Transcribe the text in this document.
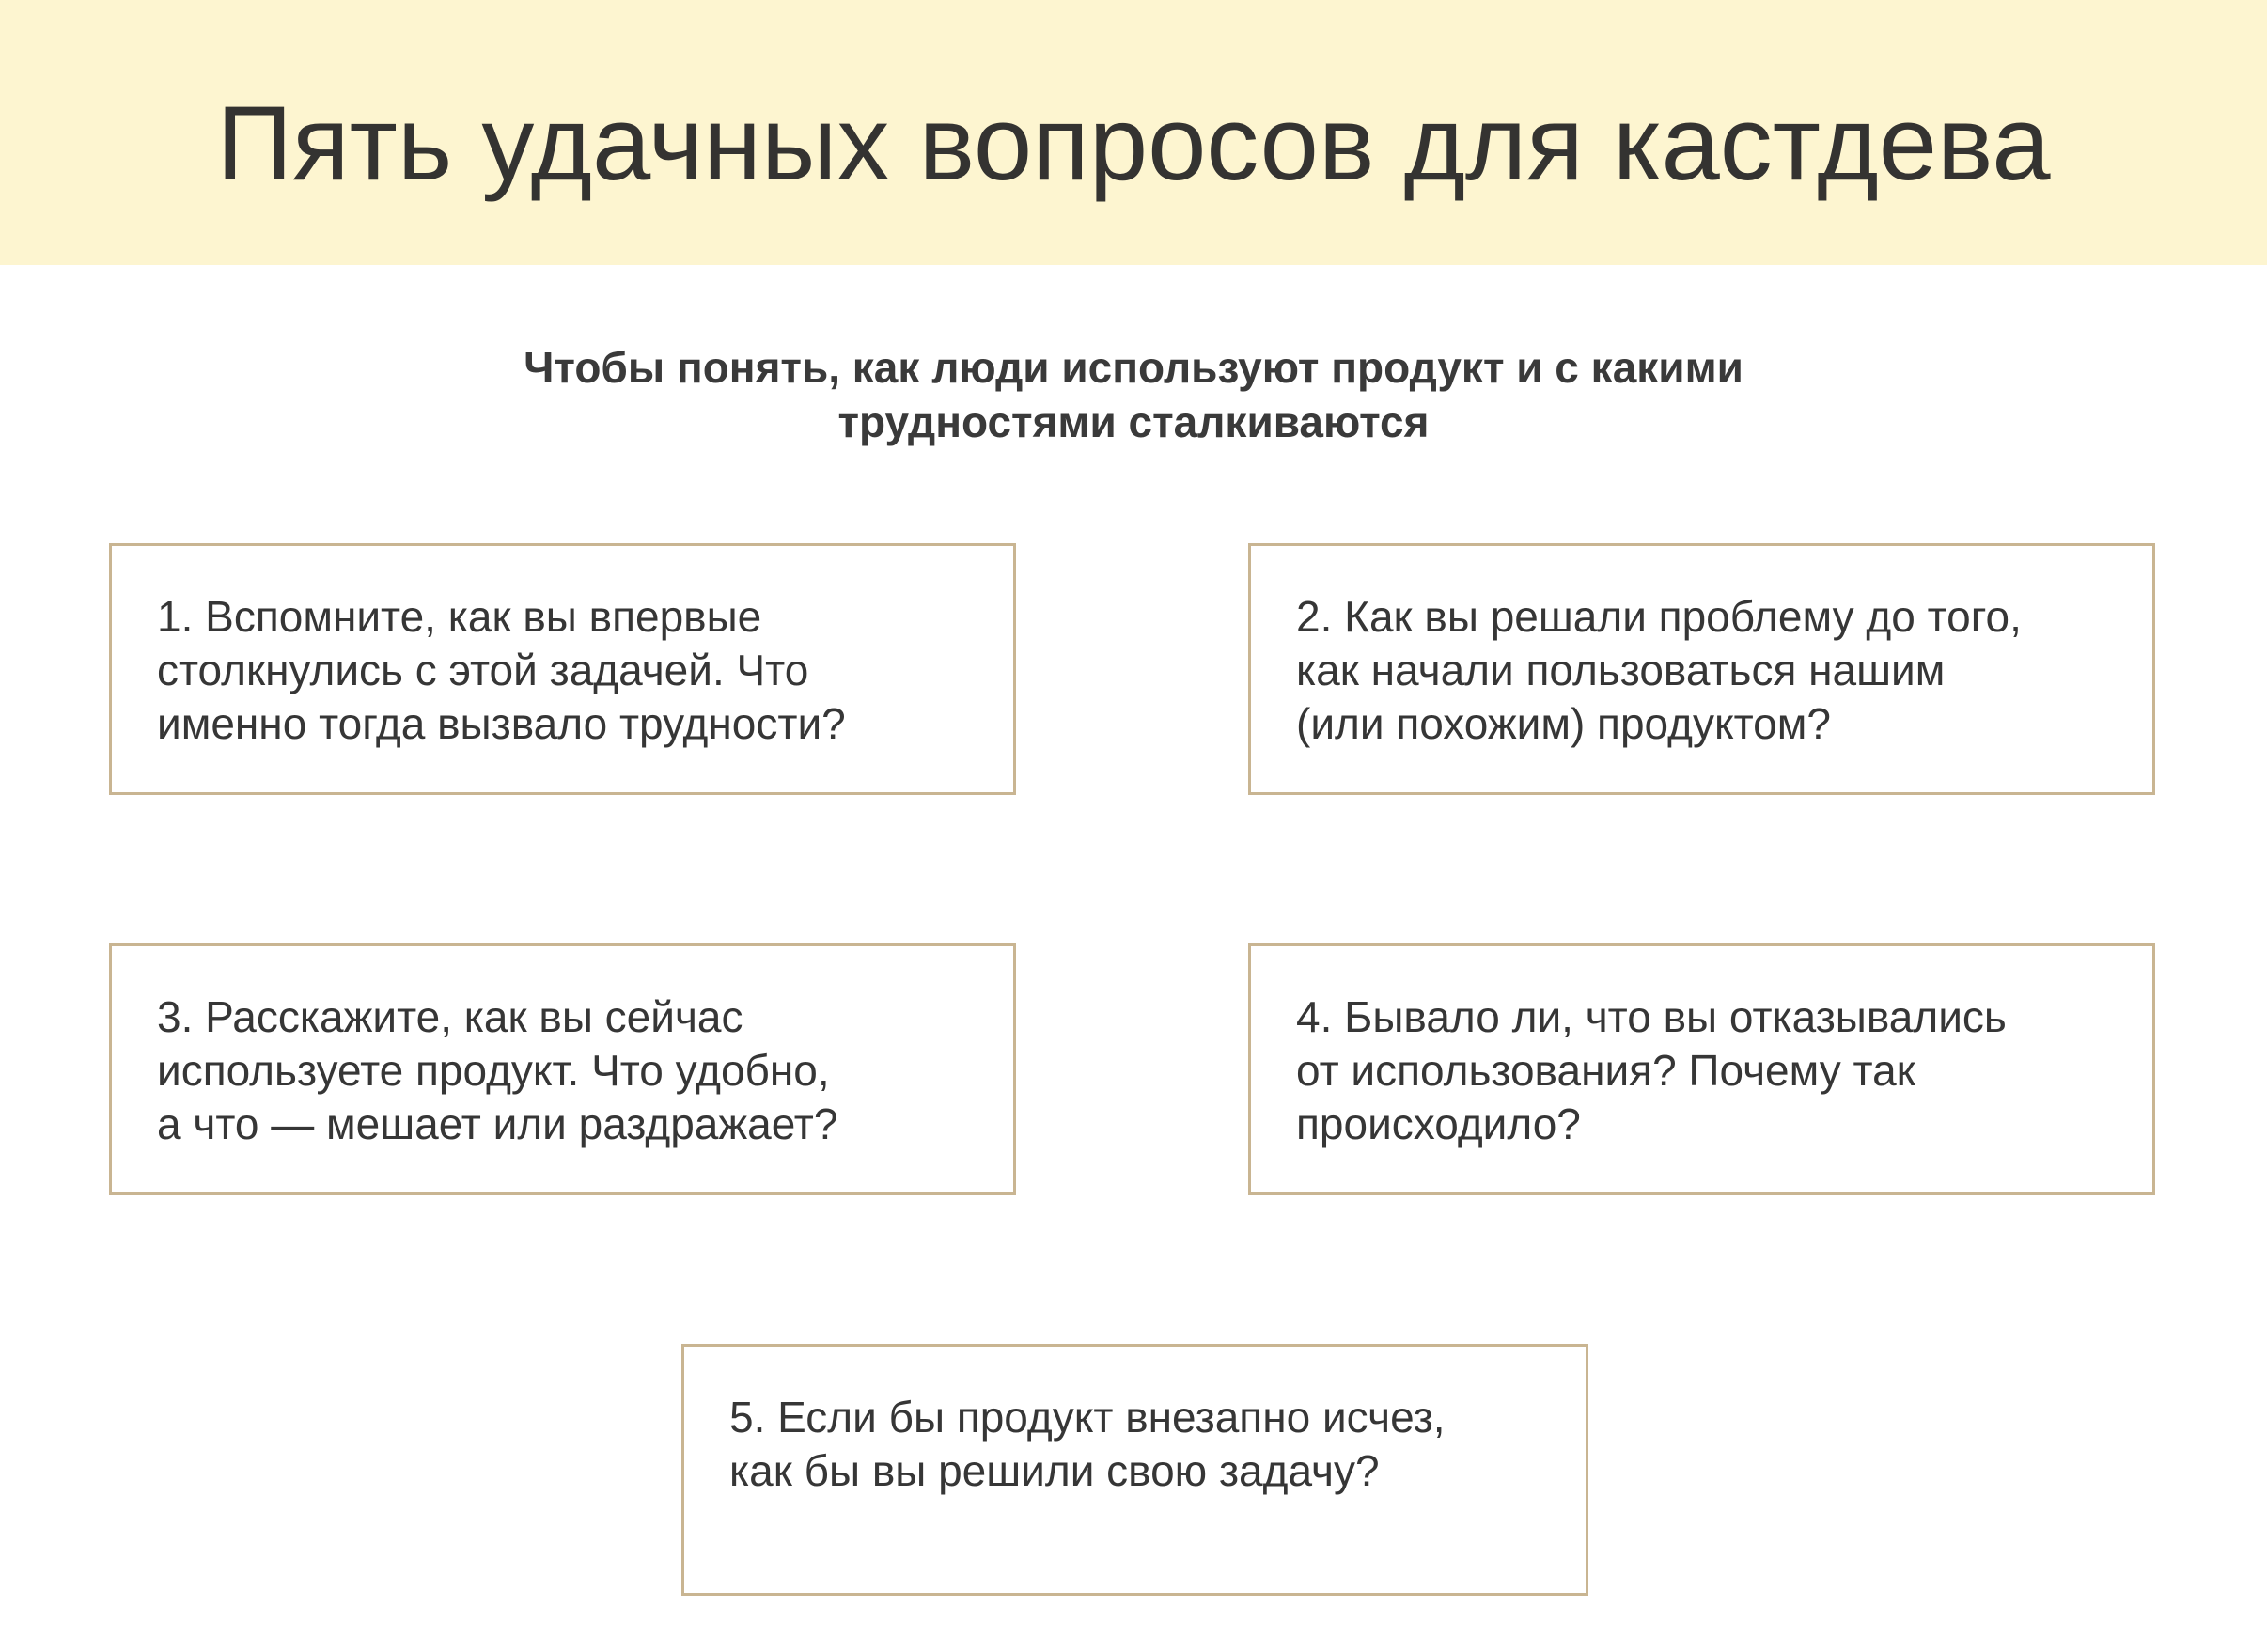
Пять удачных вопросов для кастдева

Чтобы понять, как люди используют продукт и с какими
трудностями сталкиваются

1. Вспомните, как вы впервые
столкнулись с этой задачей. Что
именно тогда вызвало трудности?

2. Как вы решали проблему до того,
как начали пользоваться нашим
(или похожим) продуктом?

3. Расскажите, как вы сейчас
используете продукт. Что удобно,
а что — мешает или раздражает?

4. Бывало ли, что вы отказывались
от использования? Почему так
происходило?

5. Если бы продукт внезапно исчез,
как бы вы решили свою задачу?
